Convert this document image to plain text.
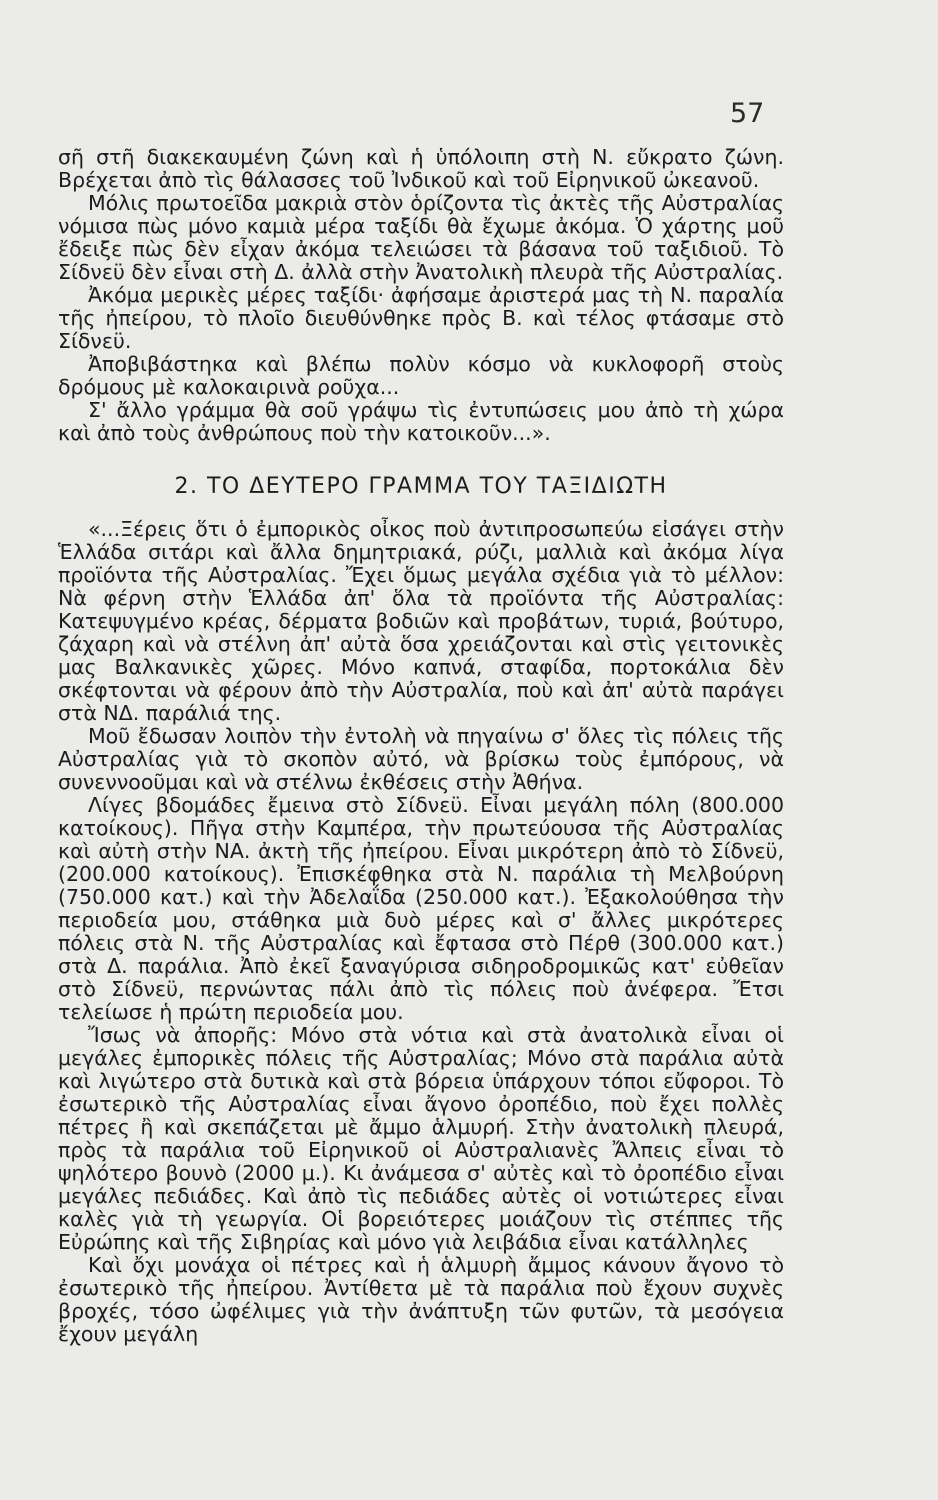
57

σῆ στῆ διακεκαυμένη ζώνη καὶ ἡ ὑπόλοιπη στὴ Ν. εὔκρατο ζώνη. Βρέχεται ἀπὸ τὶς θάλασσες τοῦ Ἰνδικοῦ καὶ τοῦ Εἰρηνικοῦ ὠκεανοῦ.

Μόλις πρωτοεῖδα μακριὰ στὸν ὁρίζοντα τὶς ἀκτὲς τῆς Αὐστραλίας νόμισα πὼς μόνο καμιὰ μέρα ταξίδι θὰ ἔχωμε ἀκόμα. Ὁ χάρτης μοῦ ἔδειξε πὼς δὲν εἶχαν ἀκόμα τελειώσει τὰ βάσανα τοῦ ταξιδιοῦ. Τὸ Σίδνεϋ δὲν εἶναι στὴ Δ. ἀλλὰ στὴν Ἀνατολικὴ πλευρὰ τῆς Αὐστραλίας.

Ἀκόμα μερικὲς μέρες ταξίδι· ἀφήσαμε ἀριστερά μας τὴ Ν. παραλία τῆς ἠπείρου, τὸ πλοῖο διευθύνθηκε πρὸς Β. καὶ τέλος φτάσαμε στὸ Σίδνεϋ.

Ἀποβιβάστηκα καὶ βλέπω πολὺν κόσμο νὰ κυκλοφορῆ στοὺς δρόμους μὲ καλοκαιρινὰ ροῦχα...

Σ' ἄλλο γράμμα θὰ σοῦ γράψω τὶς ἐντυπώσεις μου ἀπὸ τὴ χώρα καὶ ἀπὸ τοὺς ἀνθρώπους ποὺ τὴν κατοικοῦν...».

2. ΤΟ ΔΕΥΤΕΡΟ ΓΡΑΜΜΑ ΤΟΥ ΤΑΞΙΔΙΩΤΗ

«...Ξέρεις ὅτι ὁ ἐμπορικὸς οἶκος ποὺ ἀντιπροσωπεύω εἰσάγει στὴν Ἑλλάδα σιτάρι καὶ ἄλλα δημητριακά, ρύζι, μαλλιὰ καὶ ἀκόμα λίγα προϊόντα τῆς Αὐστραλίας. Ἔχει ὅμως μεγάλα σχέδια γιὰ τὸ μέλλον: Νὰ φέρνη στὴν Ἑλλάδα ἀπ' ὅλα τὰ προϊόντα τῆς Αὐστραλίας: Κατεψυγμένο κρέας, δέρματα βοδιῶν καὶ προβάτων, τυριά, βούτυρο, ζάχαρη καὶ νὰ στέλνη ἀπ' αὐτὰ ὅσα χρειάζονται καὶ στὶς γειτονικὲς μας Βαλκανικὲς χῶρες. Μόνο καπνά, σταφίδα, πορτοκάλια δὲν σκέφτονται νὰ φέρουν ἀπὸ τὴν Αὐστραλία, ποὺ καὶ ἀπ' αὐτὰ παράγει στὰ ΝΔ. παράλιά της.

Μοῦ ἔδωσαν λοιπὸν τὴν ἐντολὴ νὰ πηγαίνω σ' ὅλες τὶς πόλεις τῆς Αὐστραλίας γιὰ τὸ σκοπὸν αὐτό, νὰ βρίσκω τοὺς ἐμπόρους, νὰ συνεννοοῦμαι καὶ νὰ στέλνω ἐκθέσεις στὴν Ἀθήνα.

Λίγες βδομάδες ἔμεινα στὸ Σίδνεϋ. Εἶναι μεγάλη πόλη (800.000 κατοίκους). Πῆγα στὴν Καμπέρα, τὴν πρωτεύουσα τῆς Αὐστραλίας καὶ αὐτὴ στὴν ΝΑ. ἀκτὴ τῆς ἠπείρου. Εἶναι μικρότερη ἀπὸ τὸ Σίδνεϋ, (200.000 κατοίκους). Ἐπισκέφθηκα στὰ Ν. παράλια τὴ Μελβούρνη (750.000 κατ.) καὶ τὴν Ἀδελαΐδα (250.000 κατ.). Ἐξακολούθησα τὴν περιοδεία μου, στάθηκα μιὰ δυὸ μέρες καὶ σ' ἄλλες μικρότερες πόλεις στὰ Ν. τῆς Αὐστραλίας καὶ ἔφτασα στὸ Πέρθ (300.000 κατ.) στὰ Δ. παράλια. Ἀπὸ ἐκεῖ ξαναγύρισα σιδηροδρομικῶς κατ' εὐθεῖαν στὸ Σίδνεϋ, περνώντας πάλι ἀπὸ τὶς πόλεις ποὺ ἀνέφερα. Ἔτσι τελείωσε ἡ πρώτη περιοδεία μου.

Ἴσως νὰ ἀπορῆς: Μόνο στὰ νότια καὶ στὰ ἀνατολικὰ εἶναι οἱ μεγάλες ἐμπορικὲς πόλεις τῆς Αὐστραλίας; Μόνο στὰ παράλια αὐτὰ καὶ λιγώτερο στὰ δυτικὰ καὶ στὰ βόρεια ὑπάρχουν τόποι εὔφοροι. Τὸ ἐσωτερικὸ τῆς Αὐστραλίας εἶναι ἄγονο ὀροπέδιο, ποὺ ἔχει πολλὲς πέτρες ἢ καὶ σκεπάζεται μὲ ἄμμο ἁλμυρή. Στὴν ἀνατολικὴ πλευρά, πρὸς τὰ παράλια τοῦ Εἰρηνικοῦ οἱ Αὐστραλιανὲς Ἄλπεις εἶναι τὸ ψηλότερο βουνὸ (2000 μ.). Κι ἀνάμεσα σ' αὐτὲς καὶ τὸ ὀροπέδιο εἶναι μεγάλες πεδιάδες. Καὶ ἀπὸ τὶς πεδιάδες αὐτὲς οἱ νοτιώτερες εἶναι καλὲς γιὰ τὴ γεωργία. Οἱ βορειότερες μοιάζουν τὶς στέππες τῆς Εὐρώπης καὶ τῆς Σιβηρίας καὶ μόνο γιὰ λειβάδια εἶναι κατάλληλες

Καὶ ὄχι μονάχα οἱ πέτρες καὶ ἡ ἁλμυρὴ ἄμμος κάνουν ἄγονο τὸ ἐσωτερικὸ τῆς ἠπείρου. Ἀντίθετα μὲ τὰ παράλια ποὺ ἔχουν συχνὲς βροχές, τόσο ὠφέλιμες γιὰ τὴν ἀνάπτυξη τῶν φυτῶν, τὰ μεσόγεια ἔχουν μεγάλη
